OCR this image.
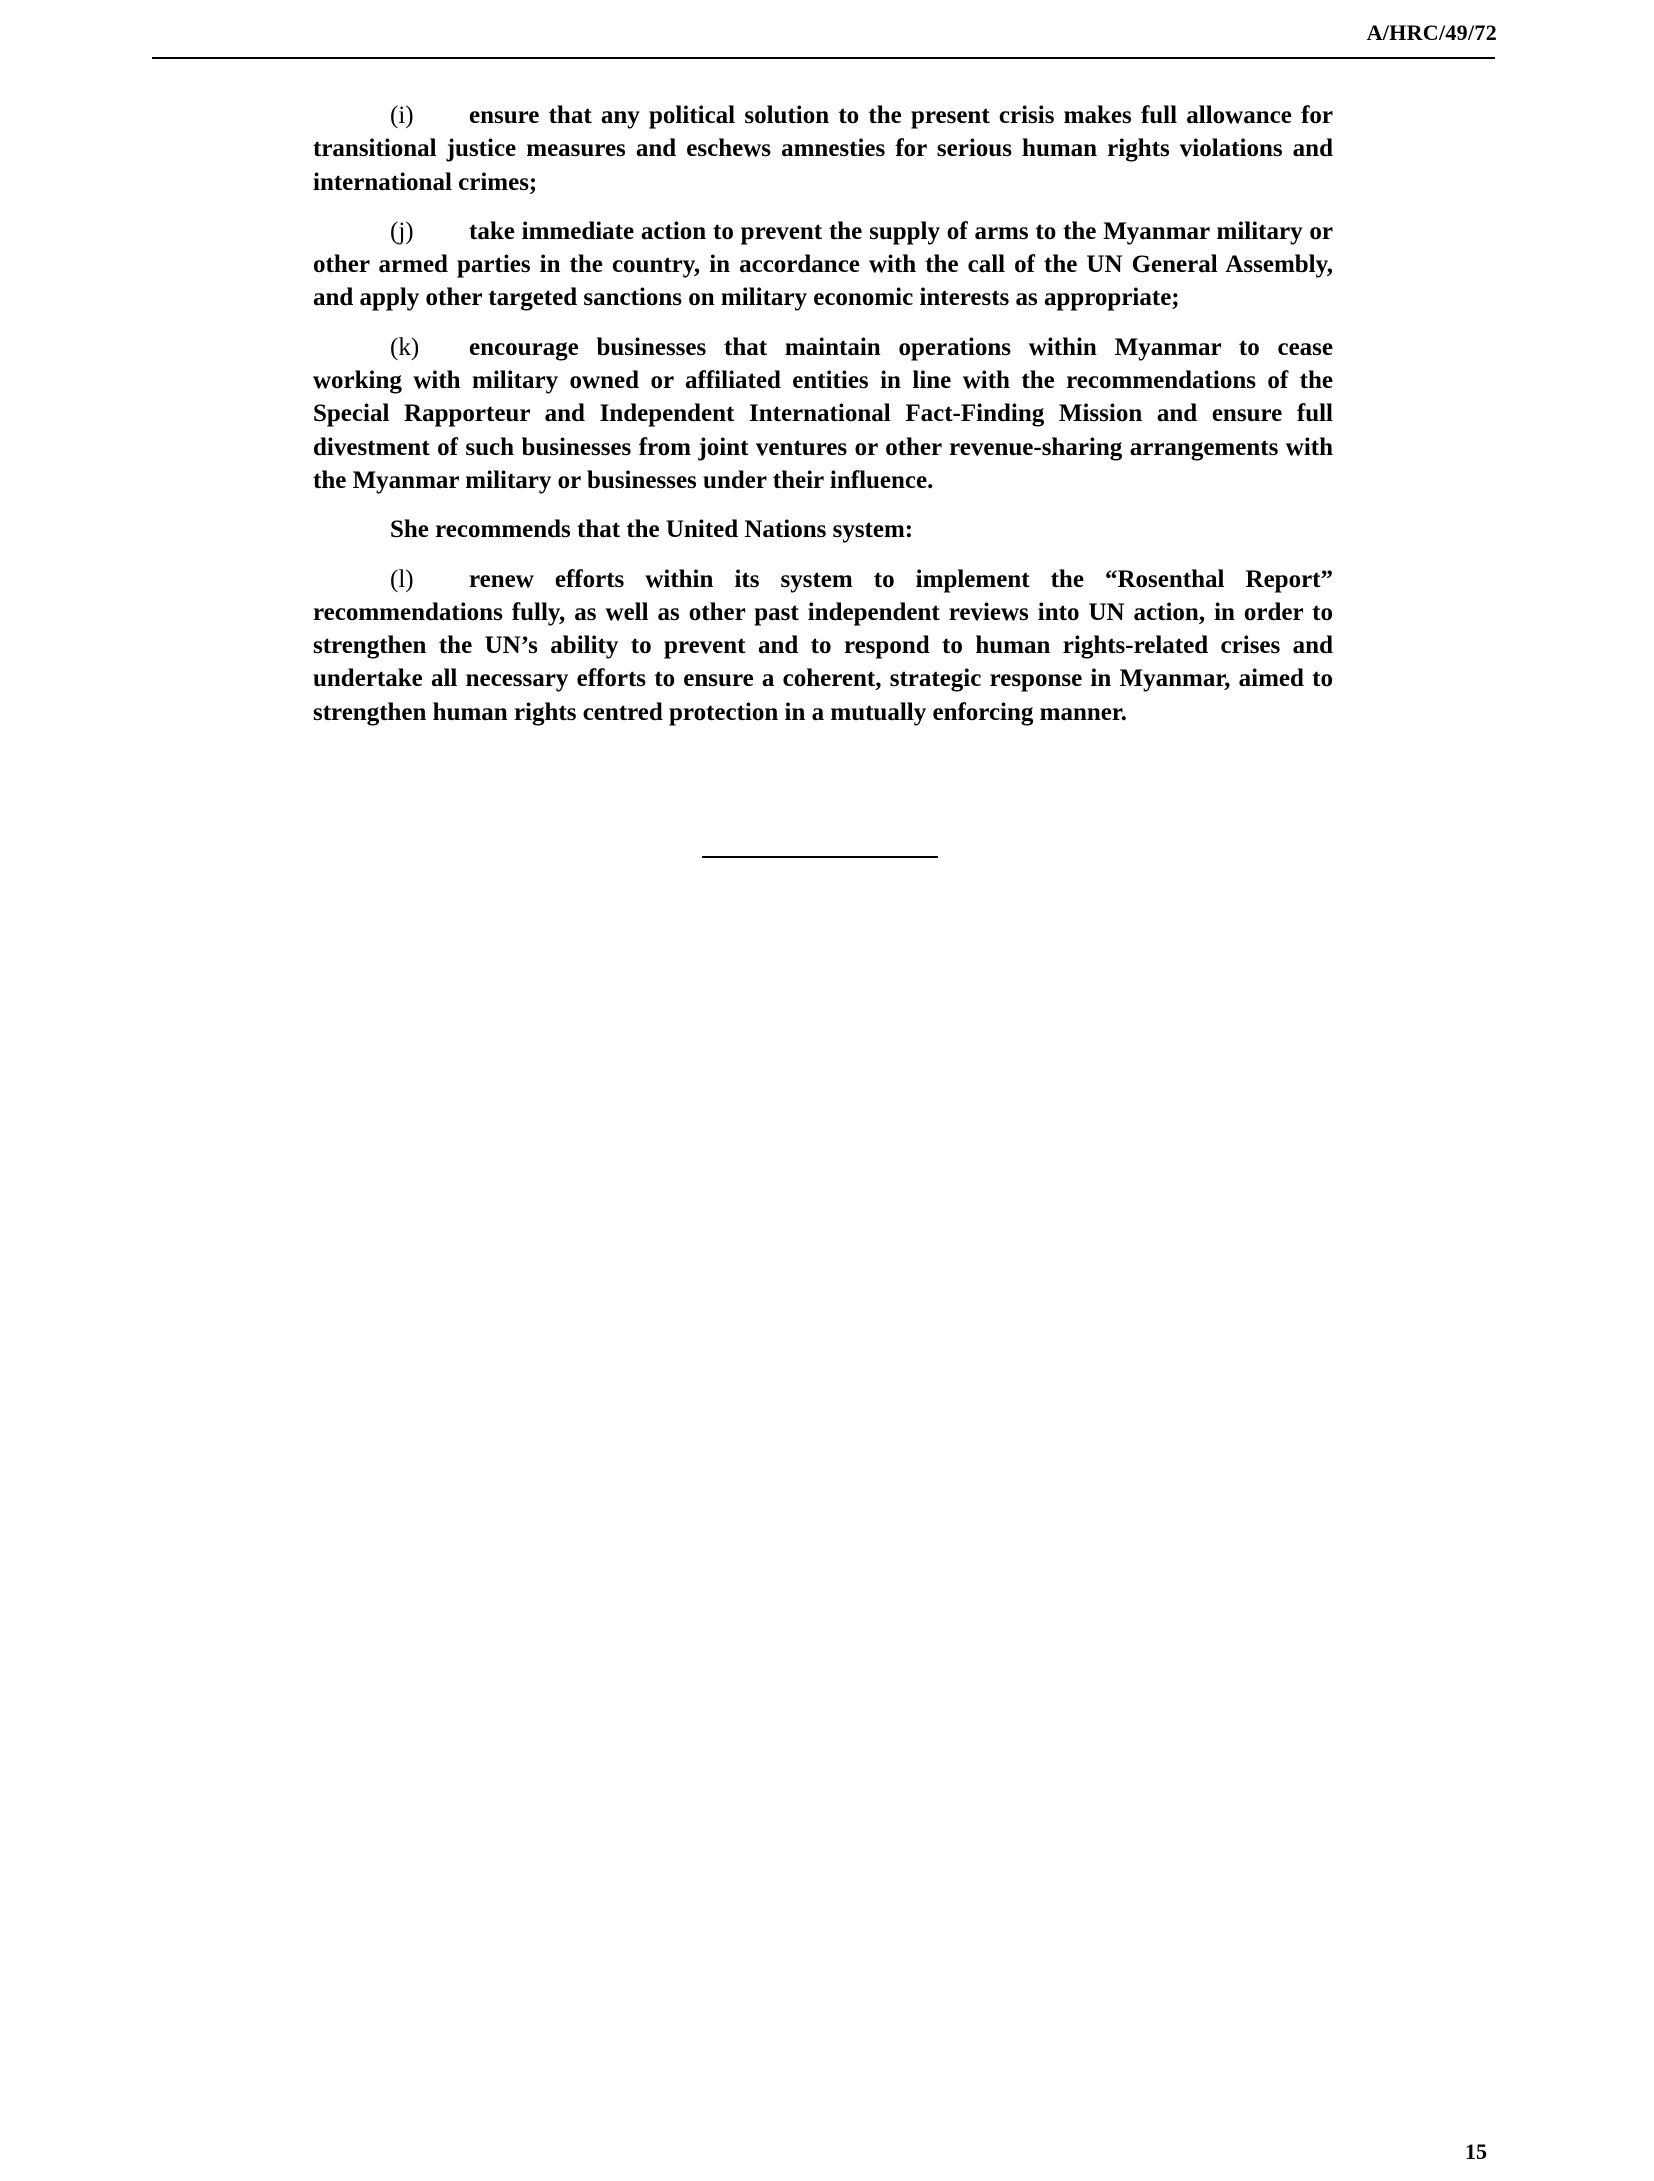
A/HRC/49/72

(i) ensure that any political solution to the present crisis makes full allowance for transitional justice measures and eschews amnesties for serious human rights violations and international crimes;

(j) take immediate action to prevent the supply of arms to the Myanmar military or other armed parties in the country, in accordance with the call of the UN General Assembly, and apply other targeted sanctions on military economic interests as appropriate;

(k) encourage businesses that maintain operations within Myanmar to cease working with military owned or affiliated entities in line with the recommendations of the Special Rapporteur and Independent International Fact-Finding Mission and ensure full divestment of such businesses from joint ventures or other revenue-sharing arrangements with the Myanmar military or businesses under their influence.

She recommends that the United Nations system:

(l) renew efforts within its system to implement the “Rosenthal Report” recommendations fully, as well as other past independent reviews into UN action, in order to strengthen the UN’s ability to prevent and to respond to human rights-related crises and undertake all necessary efforts to ensure a coherent, strategic response in Myanmar, aimed to strengthen human rights centred protection in a mutually enforcing manner.

15
